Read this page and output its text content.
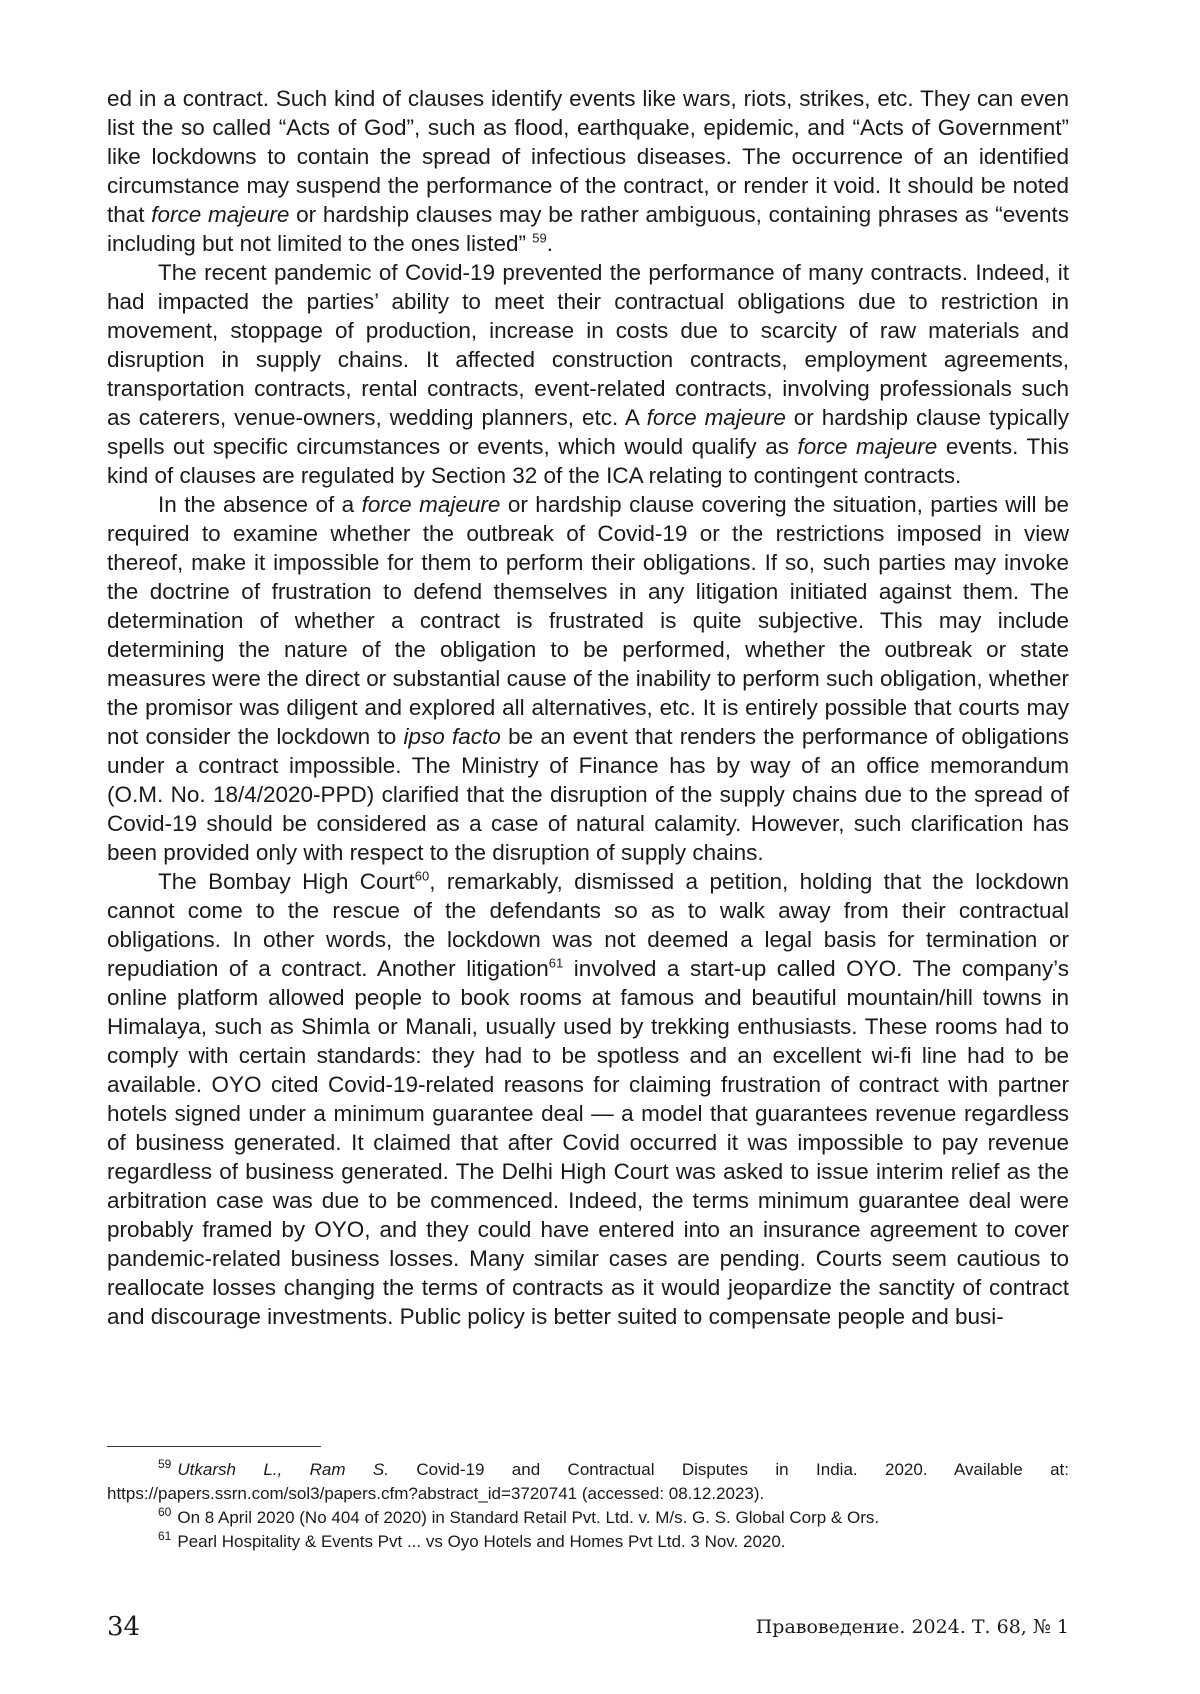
ed in a contract. Such kind of clauses identify events like wars, riots, strikes, etc. They can even list the so called “Acts of God”, such as flood, earthquake, epidemic, and “Acts of Government” like lockdowns to contain the spread of infectious diseases. The occurrence of an identified circumstance may suspend the performance of the contract, or render it void. It should be noted that force majeure or hardship clauses may be rather ambiguous, containing phrases as “events including but not limited to the ones listed” $^{59}$.

The recent pandemic of Covid-19 prevented the performance of many contracts. Indeed, it had impacted the parties’ ability to meet their contractual obligations due to restriction in movement, stoppage of production, increase in costs due to scarcity of raw materials and disruption in supply chains. It affected construction contracts, employment agreements, transportation contracts, rental contracts, event-related contracts, involving professionals such as caterers, venue-owners, wedding planners, etc. A force majeure or hardship clause typically spells out specific circumstances or events, which would qualify as force majeure events. This kind of clauses are regulated by Section 32 of the ICA relating to contingent contracts.

In the absence of a force majeure or hardship clause covering the situation, parties will be required to examine whether the outbreak of Covid-19 or the restrictions imposed in view thereof, make it impossible for them to perform their obligations. If so, such parties may invoke the doctrine of frustration to defend themselves in any litigation initiated against them. The determination of whether a contract is frustrated is quite subjective. This may include determining the nature of the obligation to be performed, whether the outbreak or state measures were the direct or substantial cause of the inability to perform such obligation, whether the promisor was diligent and explored all alternatives, etc. It is entirely possible that courts may not consider the lockdown to ipso facto be an event that renders the performance of obligations under a contract impossible. The Ministry of Finance has by way of an office memorandum (O.M. No. 18/4/2020-PPD) clarified that the disruption of the supply chains due to the spread of Covid-19 should be considered as a case of natural calamity. However, such clarification has been provided only with respect to the disruption of supply chains.

The Bombay High Court$^{60}$, remarkably, dismissed a petition, holding that the lockdown cannot come to the rescue of the defendants so as to walk away from their contractual obligations. In other words, the lockdown was not deemed a legal basis for termination or repudiation of a contract. Another litigation$^{61}$ involved a start-up called OYO. The company’s online platform allowed people to book rooms at famous and beautiful mountain/hill towns in Himalaya, such as Shimla or Manali, usually used by trekking enthusiasts. These rooms had to comply with certain standards: they had to be spotless and an excellent wi-fi line had to be available. OYO cited Covid-19-related reasons for claiming frustration of contract with partner hotels signed under a minimum guarantee deal — a model that guarantees revenue regardless of business generated. It claimed that after Covid occurred it was impossible to pay revenue regardless of business generated. The Delhi High Court was asked to issue interim relief as the arbitration case was due to be commenced. Indeed, the terms minimum guarantee deal were probably framed by OYO, and they could have entered into an insurance agreement to cover pandemic-related business losses. Many similar cases are pending. Courts seem cautious to reallocate losses changing the terms of contracts as it would jeopardize the sanctity of contract and discourage investments. Public policy is better suited to compensate people and busi-

$^{59}$ Utkarsh L., Ram S. Covid-19 and Contractual Disputes in India. 2020. Available at: https://papers.ssrn.com/sol3/papers.cfm?abstract_id=3720741 (accessed: 08.12.2023).

$^{60}$ On 8 April 2020 (No 404 of 2020) in Standard Retail Pvt. Ltd. v. M/s. G. S. Global Corp & Ors.

$^{61}$ Pearl Hospitality & Events Pvt ... vs Oyo Hotels and Homes Pvt Ltd. 3 Nov. 2020.

34	Правоведение. 2024. Т. 68, № 1
